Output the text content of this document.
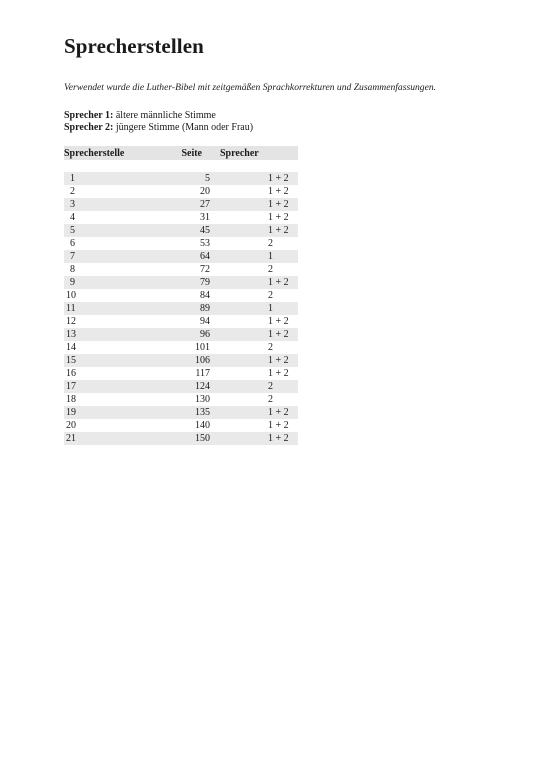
Sprecherstellen
Verwendet wurde die Luther-Bibel mit zeitgemäßen Sprachkorrekturen und Zusammenfassungen.
Sprecher 1: ältere männliche Stimme
Sprecher 2: jüngere Stimme (Mann oder Frau)
Sprecherstelle	Seite	Sprecher

1	5	1 + 2
2	20	1 + 2
3	27	1 + 2
4	31	1 + 2
5	45	1 + 2
6	53	2
7	64	1
8	72	2
9	79	1 + 2
10	84	2
11	89	1
12	94	1 + 2
13	96	1 + 2
14	101	2
15	106	1 + 2
16	117	1 + 2
17	124	2
18	130	2
19	135	1 + 2
20	140	1 + 2
21	150	1 + 2
